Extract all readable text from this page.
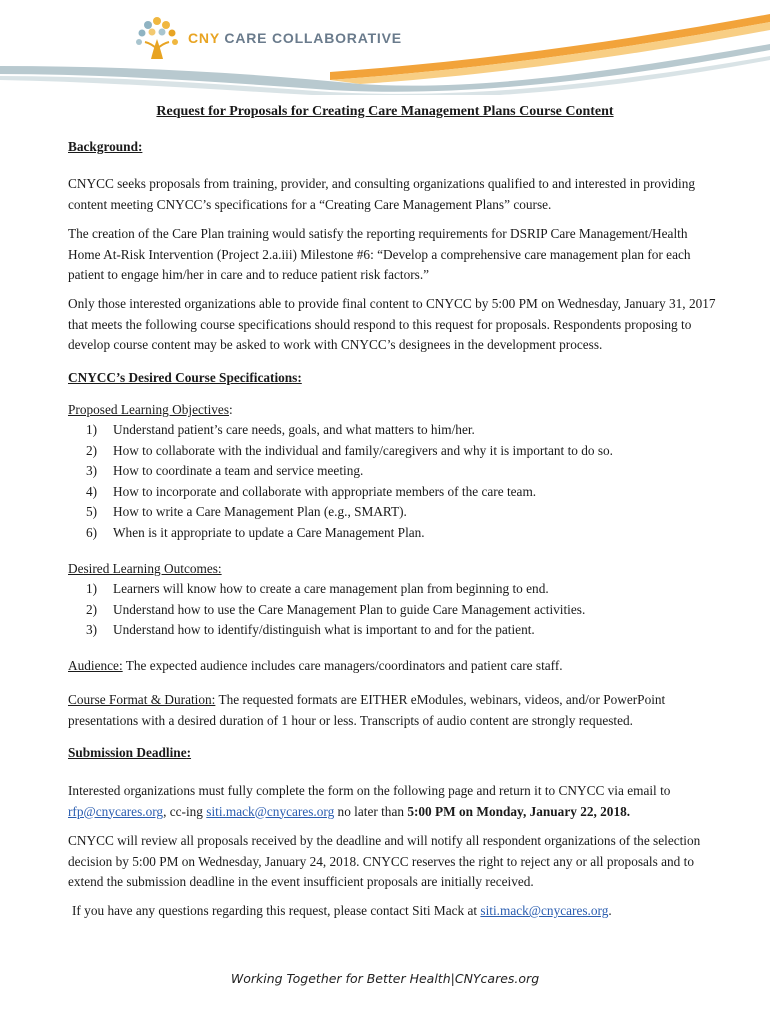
CNY CARE COLLABORATIVE
Request for Proposals for Creating Care Management Plans Course Content
Background:

CNYCC seeks proposals from training, provider, and consulting organizations qualified to and interested in providing content meeting CNYCC’s specifications for a “Creating Care Management Plans” course.

The creation of the Care Plan training would satisfy the reporting requirements for DSRIP Care Management/Health Home At-Risk Intervention (Project 2.a.iii) Milestone #6: “Develop a comprehensive care management plan for each patient to engage him/her in care and to reduce patient risk factors.”

Only those interested organizations able to provide final content to CNYCC by 5:00 PM on Wednesday, January 31, 2017 that meets the following course specifications should respond to this request for proposals. Respondents proposing to develop course content may be asked to work with CNYCC’s designees in the development process.

CNYCC’s Desired Course Specifications:
Proposed Learning Objectives:
1)	Understand patient’s care needs, goals, and what matters to him/her.
2)	How to collaborate with the individual and family/caregivers and why it is important to do so.
3)	How to coordinate a team and service meeting.
4)	How to incorporate and collaborate with appropriate members of the care team.
5)	How to write a Care Management Plan (e.g., SMART).
6)	When is it appropriate to update a Care Management Plan.
Desired Learning Outcomes:
1)	Learners will know how to create a care management plan from beginning to end.
2)	Understand how to use the Care Management Plan to guide Care Management activities.
3)	Understand how to identify/distinguish what is important to and for the patient.

Audience: The expected audience includes care managers/coordinators and patient care staff.

Course Format & Duration: The requested formats are EITHER eModules, webinars, videos, and/or PowerPoint presentations with a desired duration of 1 hour or less. Transcripts of audio content are strongly requested.

Submission Deadline:

Interested organizations must fully complete the form on the following page and return it to CNYCC via email to rfp@cnycares.org, cc-ing siti.mack@cnycares.org no later than 5:00 PM on Monday, January 22, 2018.

CNYCC will review all proposals received by the deadline and will notify all respondent organizations of the selection decision by 5:00 PM on Wednesday, January 24, 2018. CNYCC reserves the right to reject any or all proposals and to extend the submission deadline in the event insufficient proposals are initially received.

If you have any questions regarding this request, please contact Siti Mack at siti.mack@cnycares.org.

Working Together for Better Health|CNYcares.org
